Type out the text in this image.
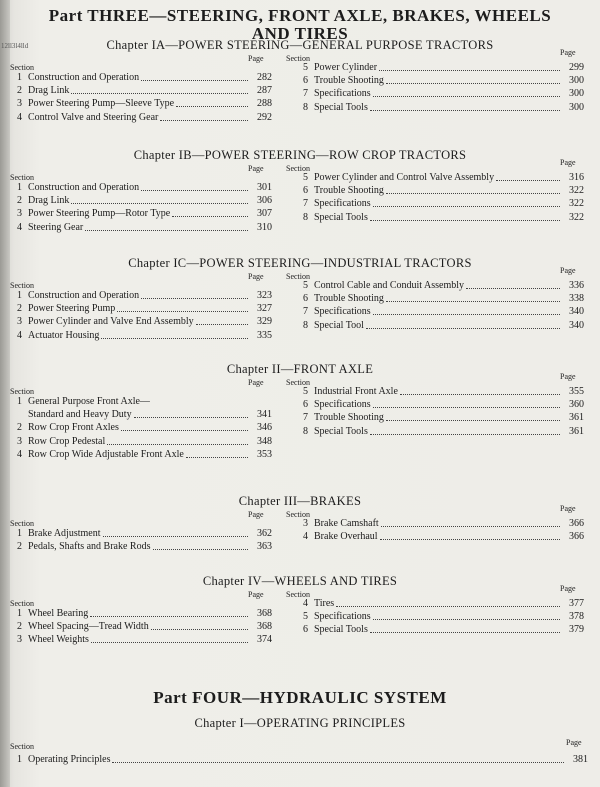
12ll3l4lld
Part THREE—STEERING, FRONT AXLE, BRAKES, WHEELS
AND TIRES
Chapter IA—POWER STEERING—GENERAL PURPOSE TRACTORS
Section
Page	Section
Page
1 Construction and Operation	282
2 Drag Link	287
3 Power Steering Pump—Sleeve Type	288
4 Control Valve and Steering Gear	292
5 Power Cylinder	299
6 Trouble Shooting	300
7 Specifications	300
8 Special Tools	300
Chapter IB—POWER STEERING—ROW CROP TRACTORS
Section
Page	Section
Page
1 Construction and Operation	301
2 Drag Link	306
3 Power Steering Pump—Rotor Type	307
4 Steering Gear	310
5 Power Cylinder and Control Valve Assembly	316
6 Trouble Shooting	322
7 Specifications	322
8 Special Tools	322
Chapter IC—POWER STEERING—INDUSTRIAL TRACTORS
Section
Page	Section
Page
1 Construction and Operation	323
2 Power Steering Pump	327
3 Power Cylinder and Valve End Assembly	329
4 Actuator Housing	335
5 Control Cable and Conduit Assembly	336
6 Trouble Shooting	338
7 Specifications	340
8 Special Tool	340
Chapter II—FRONT AXLE
Section
Page	Section
Page
1 General Purpose Front Axle—
Standard and Heavy Duty	341
2 Row Crop Front Axles	346
3 Row Crop Pedestal	348
4 Row Crop Wide Adjustable Front Axle	353
5 Industrial Front Axle	355
6 Specifications	360
7 Trouble Shooting	361
8 Special Tools	361
Chapter III—BRAKES
Section
Page	Section
Page
1 Brake Adjustment	362
2 Pedals, Shafts and Brake Rods	363
3 Brake Camshaft	366
4 Brake Overhaul	366
Chapter IV—WHEELS AND TIRES
Section
Page	Section
Page
1 Wheel Bearing	368
2 Wheel Spacing—Tread Width	368
3 Wheel Weights	374
4 Tires	377
5 Specifications	378
6 Special Tools	379
Part FOUR—HYDRAULIC SYSTEM
Chapter I—OPERATING PRINCIPLES
Section	Page
1 Operating Principles	381
